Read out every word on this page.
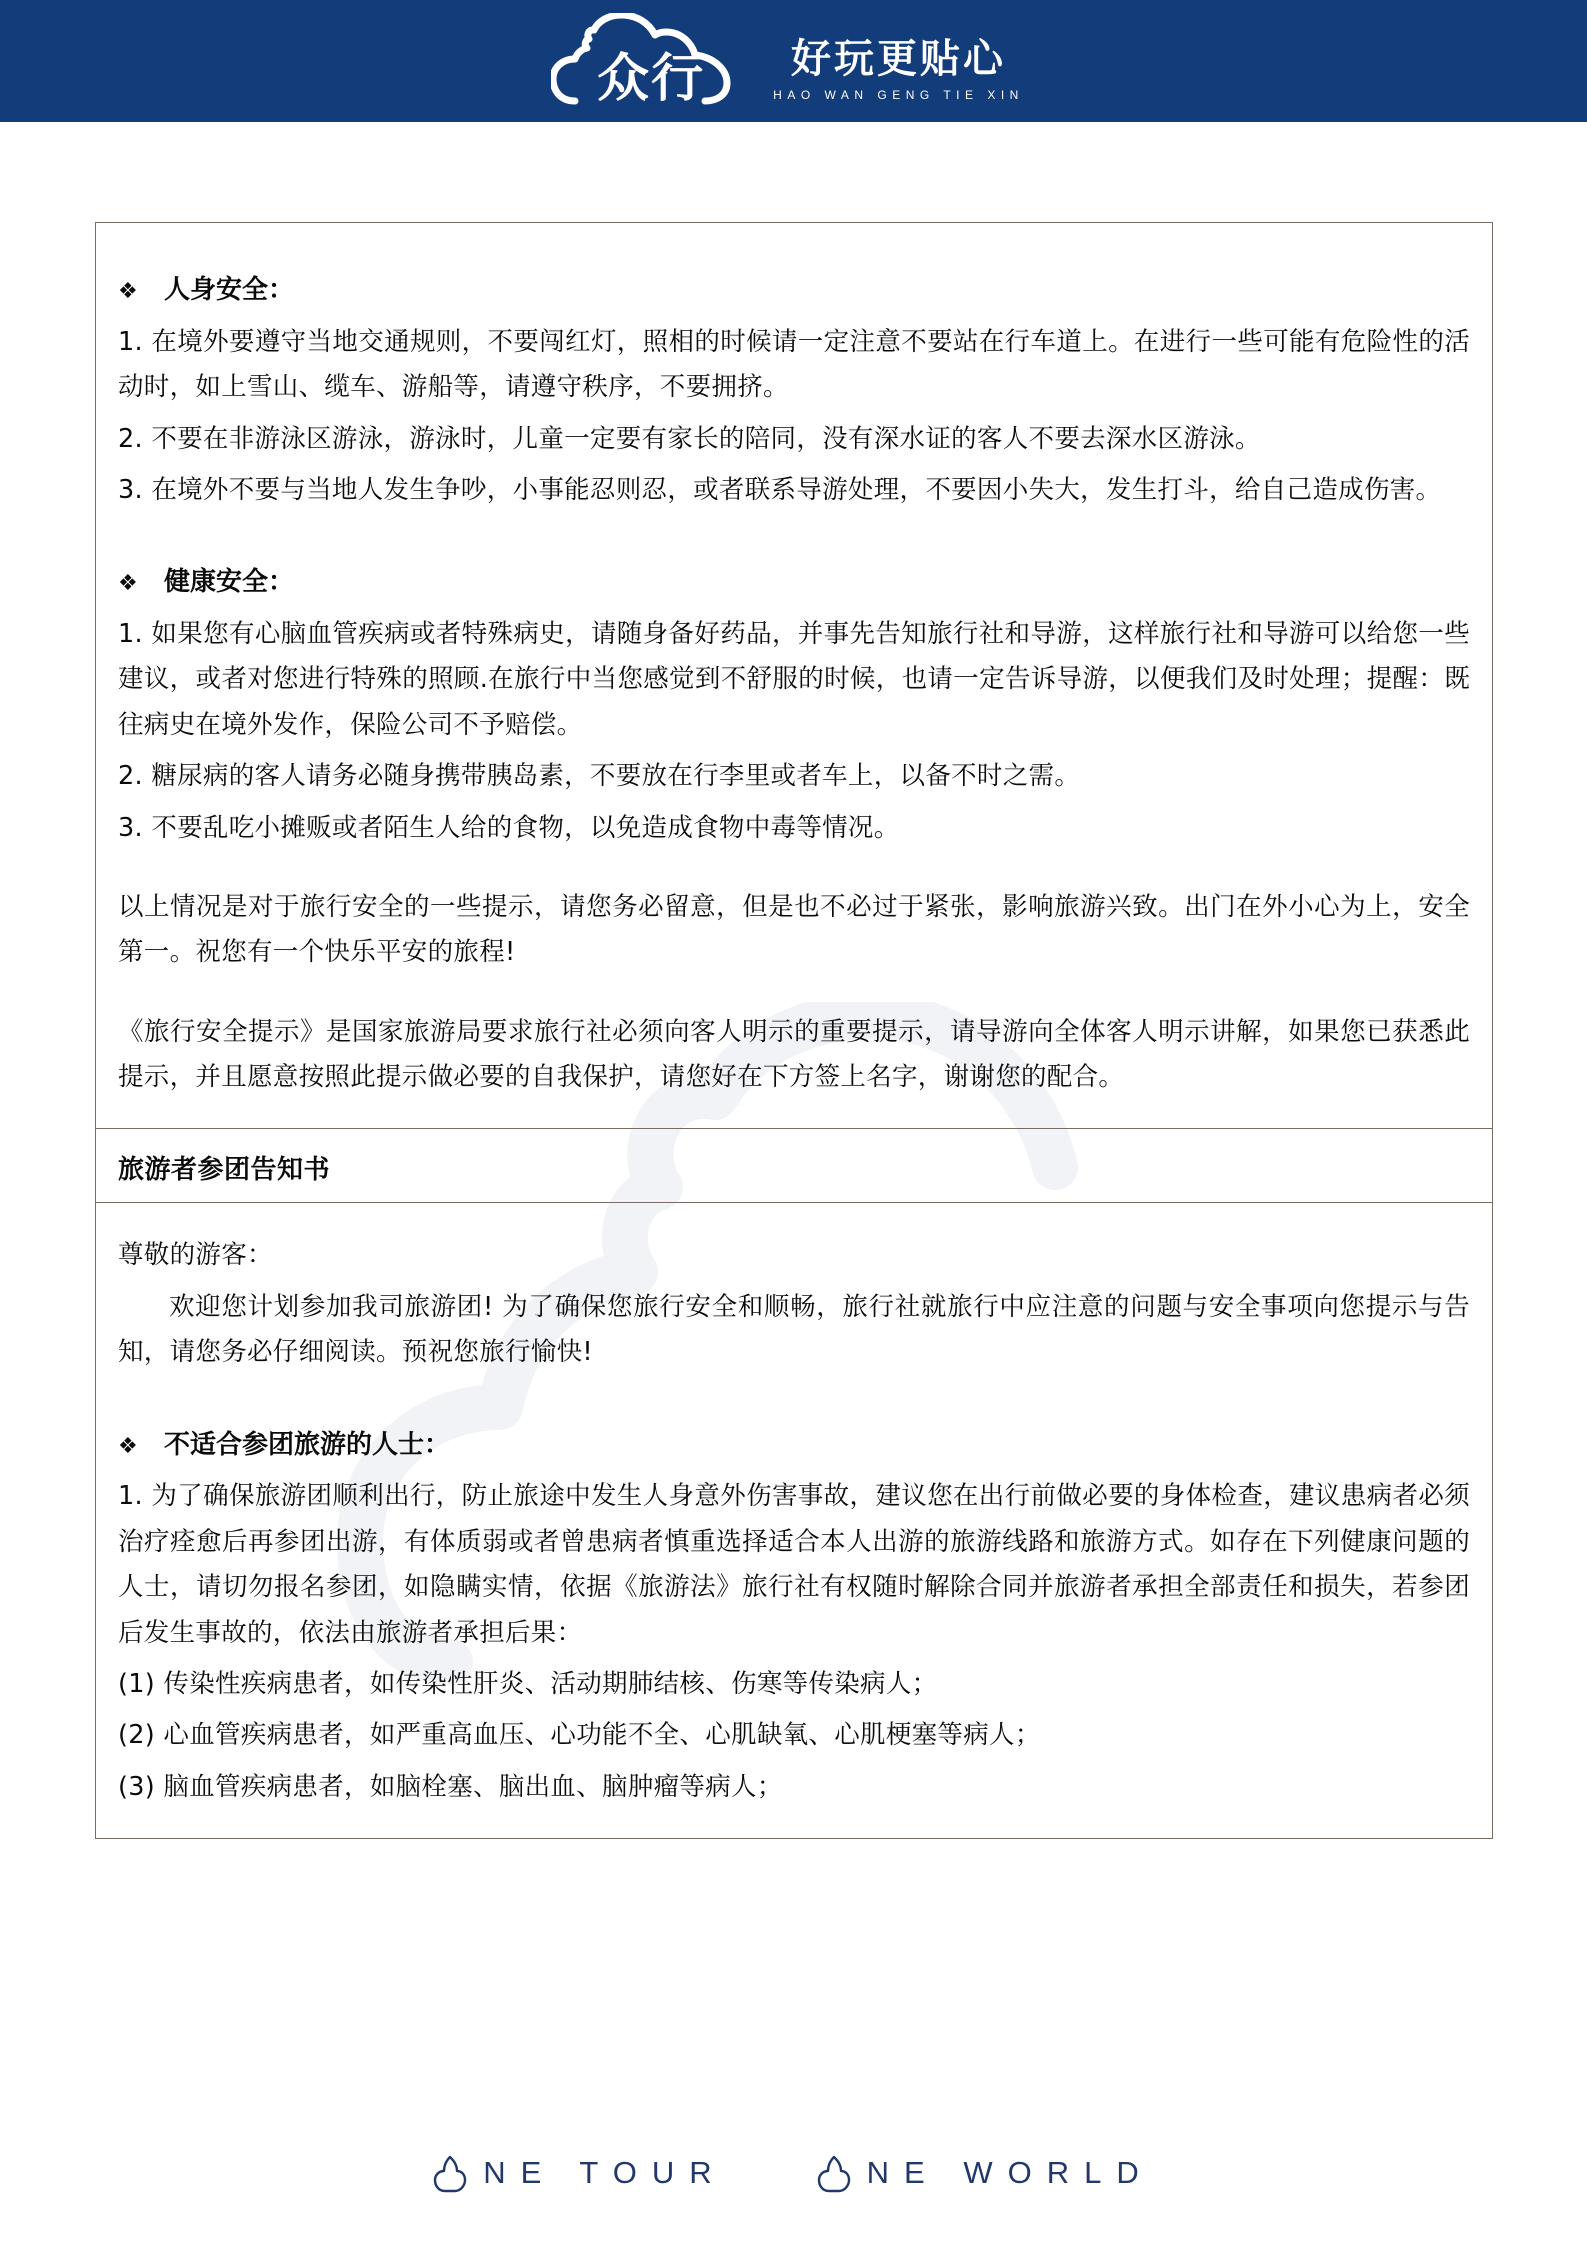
众行	好玩更贴心
HAO WAN GENG TIE XIN
❖	人身安全：

1. 在境外要遵守当地交通规则，不要闯红灯，照相的时候请一定注意不要站在行车道上。在进行一些可能有危险性的活动时，如上雪山、缆车、游船等，请遵守秩序，不要拥挤。

2. 不要在非游泳区游泳，游泳时，儿童一定要有家长的陪同，没有深水证的客人不要去深水区游泳。

3. 在境外不要与当地人发生争吵，小事能忍则忍，或者联系导游处理，不要因小失大，发生打斗，给自己造成伤害。

❖	健康安全：

1. 如果您有心脑血管疾病或者特殊病史，请随身备好药品，并事先告知旅行社和导游，这样旅行社和导游可以给您一些建议，或者对您进行特殊的照顾.在旅行中当您感觉到不舒服的时候，也请一定告诉导游，以便我们及时处理；提醒：既往病史在境外发作，保险公司不予赔偿。

2. 糖尿病的客人请务必随身携带胰岛素，不要放在行李里或者车上，以备不时之需。

3. 不要乱吃小摊贩或者陌生人给的食物，以免造成食物中毒等情况。

以上情况是对于旅行安全的一些提示，请您务必留意，但是也不必过于紧张，影响旅游兴致。出门在外小心为上，安全第一。祝您有一个快乐平安的旅程!

《旅行安全提示》是国家旅游局要求旅行社必须向客人明示的重要提示，请导游向全体客人明示讲解，如果您已获悉此提示，并且愿意按照此提示做必要的自我保护，请您好在下方签上名字，谢谢您的配合。

旅游者参团告知书

尊敬的游客：

欢迎您计划参加我司旅游团! 为了确保您旅行安全和顺畅，旅行社就旅行中应注意的问题与安全事项向您提示与告知，请您务必仔细阅读。预祝您旅行愉快!

❖	不适合参团旅游的人士：

1. 为了确保旅游团顺利出行，防止旅途中发生人身意外伤害事故，建议您在出行前做必要的身体检查，建议患病者必须治疗痊愈后再参团出游，有体质弱或者曾患病者慎重选择适合本人出游的旅游线路和旅游方式。如存在下列健康问题的人士，请切勿报名参团，如隐瞒实情，依据《旅游法》旅行社有权随时解除合同并旅游者承担全部责任和损失，若参团后发生事故的，依法由旅游者承担后果：

(1) 传染性疾病患者，如传染性肝炎、活动期肺结核、伤寒等传染病人；

(2) 心血管疾病患者，如严重高血压、心功能不全、心肌缺氧、心肌梗塞等病人；

(3) 脑血管疾病患者，如脑栓塞、脑出血、脑肿瘤等病人；

NE TOUR	NE WORLD
